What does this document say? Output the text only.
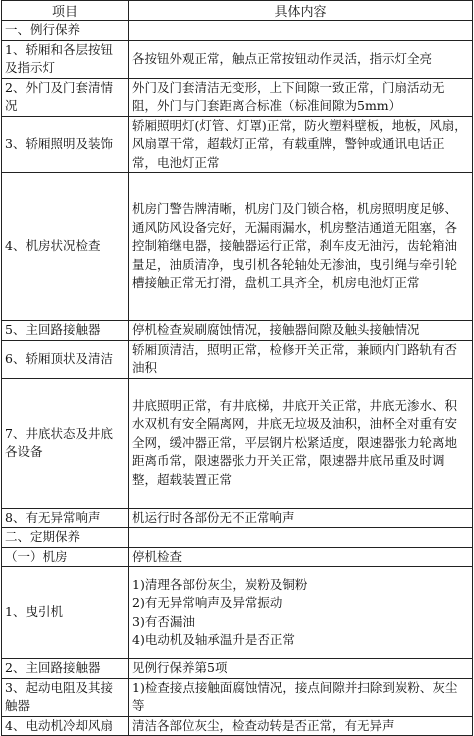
项目	具体内容
一、例行保养	
1、轿厢和各层按钮及指示灯	各按钮外观正常，触点正常按钮动作灵活，指示灯全亮
2、外门及门套清情况	外门及门套清洁无变形，上下间隙一致正常，门扇活动无阻，外门与门套距离合标准（标准间隙为5mm）
3、轿厢照明及装饰	轿厢照明灯(灯管、灯罩)正常，防火塑料壁板，地板，风扇，风扇罩干常，超载灯正常，有载重牌，警钟或通讯电话正常，电池灯正常
4、机房状况检查	机房门警告牌清晰，机房门及门锁合格，机房照明度足够、通风防风设备完好，无漏雨漏水，机房整洁通道无阻塞，各控制箱继电器，接触器运行正常，刹车皮无油污，齿轮箱油量足，油质清净，曳引机各轮轴处无渗油，曳引绳与牵引轮槽接触正常无打滑，盘机工具齐全，机房电池灯正常
5、主回路接触器	停机检查炭刷腐蚀情况，接触器间隙及触头接触情况
6、轿厢顶状及清洁	轿厢顶清洁，照明正常，检修开关正常，兼顾内门路轨有否油积
7、井底状态及井底各设备	井底照明正常，有井底梯，井底开关正常，井底无渗水、积水双机有安全隔离网，井底无垃圾及油积，油杯全对重有安全网，缓冲器正常，平层钢片松紧适度，限速器张力轮离地距离币常，限速器张力开关正常，限速器井底吊重及时调整，超载装置正常
8、有无异常响声	机运行时各部份无不正常响声
二、定期保养	
（一）机房	停机检查
1、曳引机	1)清理各部份灰尘，炭粉及铜粉
2)有无异常响声及异常振动
3)有否漏油
4)电动机及轴承温升是否正常

2、主回路接触器	见例行保养第5项
3、起动电阻及其接触器	1)检查接点接触面腐蚀情况，接点间隙并扫除到炭粉、灰尘等
4、电动机冷却风扇	清洁各部位灰尘，检查动转是否正常，有无异声
